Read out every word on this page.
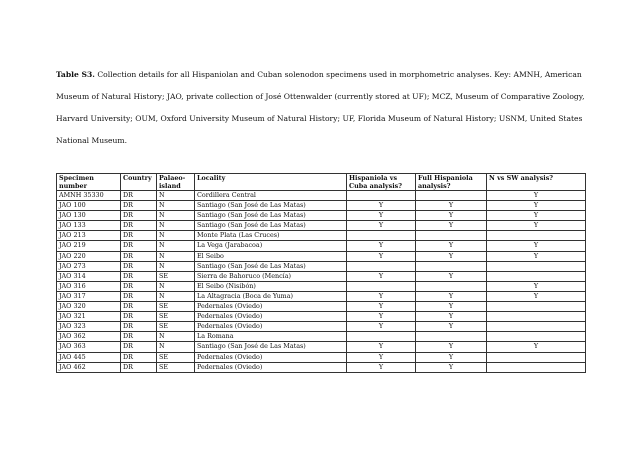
Table S3. Collection details for all Hispaniolan and Cuban solenodon specimens used in morphometric analyses. Key: AMNH, American Museum of Natural History; JAO, private collection of José Ottenwalder (currently stored at UF); MCZ, Museum of Comparative Zoology, Harvard University; OUM, Oxford University Museum of Natural History; UF, Florida Museum of Natural History; USNM, United States National Museum.
Specimen number	Country	Palaeo-island	Locality	Hispaniola vs Cuba analysis?	Full Hispaniola analysis?	N vs SW analysis?
AMNH 35330	DR	N	Cordillera Central			Y
JAO 100	DR	N	Santiago (San José de Las Matas)	Y	Y	Y
JAO 130	DR	N	Santiago (San José de Las Matas)	Y	Y	Y
JAO 133	DR	N	Santiago (San José de Las Matas)	Y	Y	Y
JAO 213	DR	N	Monte Plata (Las Cruces)			
JAO 219	DR	N	La Vega (Jarabacoa)	Y	Y	Y
JAO 220	DR	N	El Seibo	Y	Y	Y
JAO 273	DR	N	Santiago (San José de Las Matas)			
JAO 314	DR	SE	Sierra de Bahoruco (Mencía)	Y	Y	
JAO 316	DR	N	El Seibo (Nisibón)			Y
JAO 317	DR	N	La Altagracia (Boca de Yuma)	Y	Y	Y
JAO 320	DR	SE	Pedernales (Oviedo)	Y	Y	
JAO 321	DR	SE	Pedernales (Oviedo)	Y	Y	
JAO 323	DR	SE	Pedernales (Oviedo)	Y	Y	
JAO 362	DR	N	La Romana			
JAO 363	DR	N	Santiago (San José de Las Matas)	Y	Y	Y
JAO 445	DR	SE	Pedernales (Oviedo)	Y	Y	
JAO 462	DR	SE	Pedernales (Oviedo)	Y	Y	
